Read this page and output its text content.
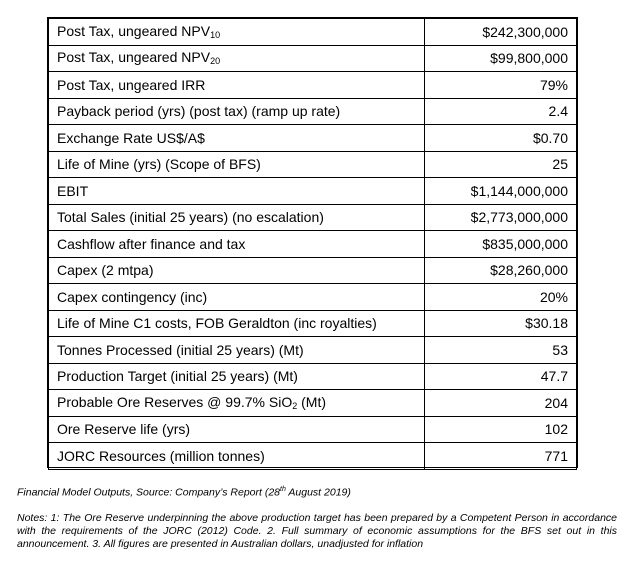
Post Tax, ungeared NPV10	$242,300,000
Post Tax, ungeared NPV20	$99,800,000
Post Tax, ungeared IRR	79%
Payback period (yrs) (post tax) (ramp up rate)	2.4
Exchange Rate US$/A$	$0.70
Life of Mine (yrs) (Scope of BFS)	25
EBIT	$1,144,000,000
Total Sales (initial 25 years) (no escalation)	$2,773,000,000
Cashflow after finance and tax	$835,000,000
Capex (2 mtpa)	$28,260,000
Capex contingency (inc)	20%
Life of Mine C1 costs, FOB Geraldton (inc royalties)	$30.18
Tonnes Processed (initial 25 years) (Mt)	53
Production Target (initial 25 years) (Mt)	47.7
Probable Ore Reserves @ 99.7% SiO2 (Mt)	204
Ore Reserve life (yrs)	102
JORC Resources (million tonnes)	771
Financial Model Outputs, Source: Company’s Report (28th August 2019)
Notes: 1: The Ore Reserve underpinning the above production target has been prepared by a Competent Person in accordance with the requirements of the JORC (2012) Code. 2. Full summary of economic assumptions for the BFS set out in this announcement. 3. All figures are presented in Australian dollars, unadjusted for inflation
